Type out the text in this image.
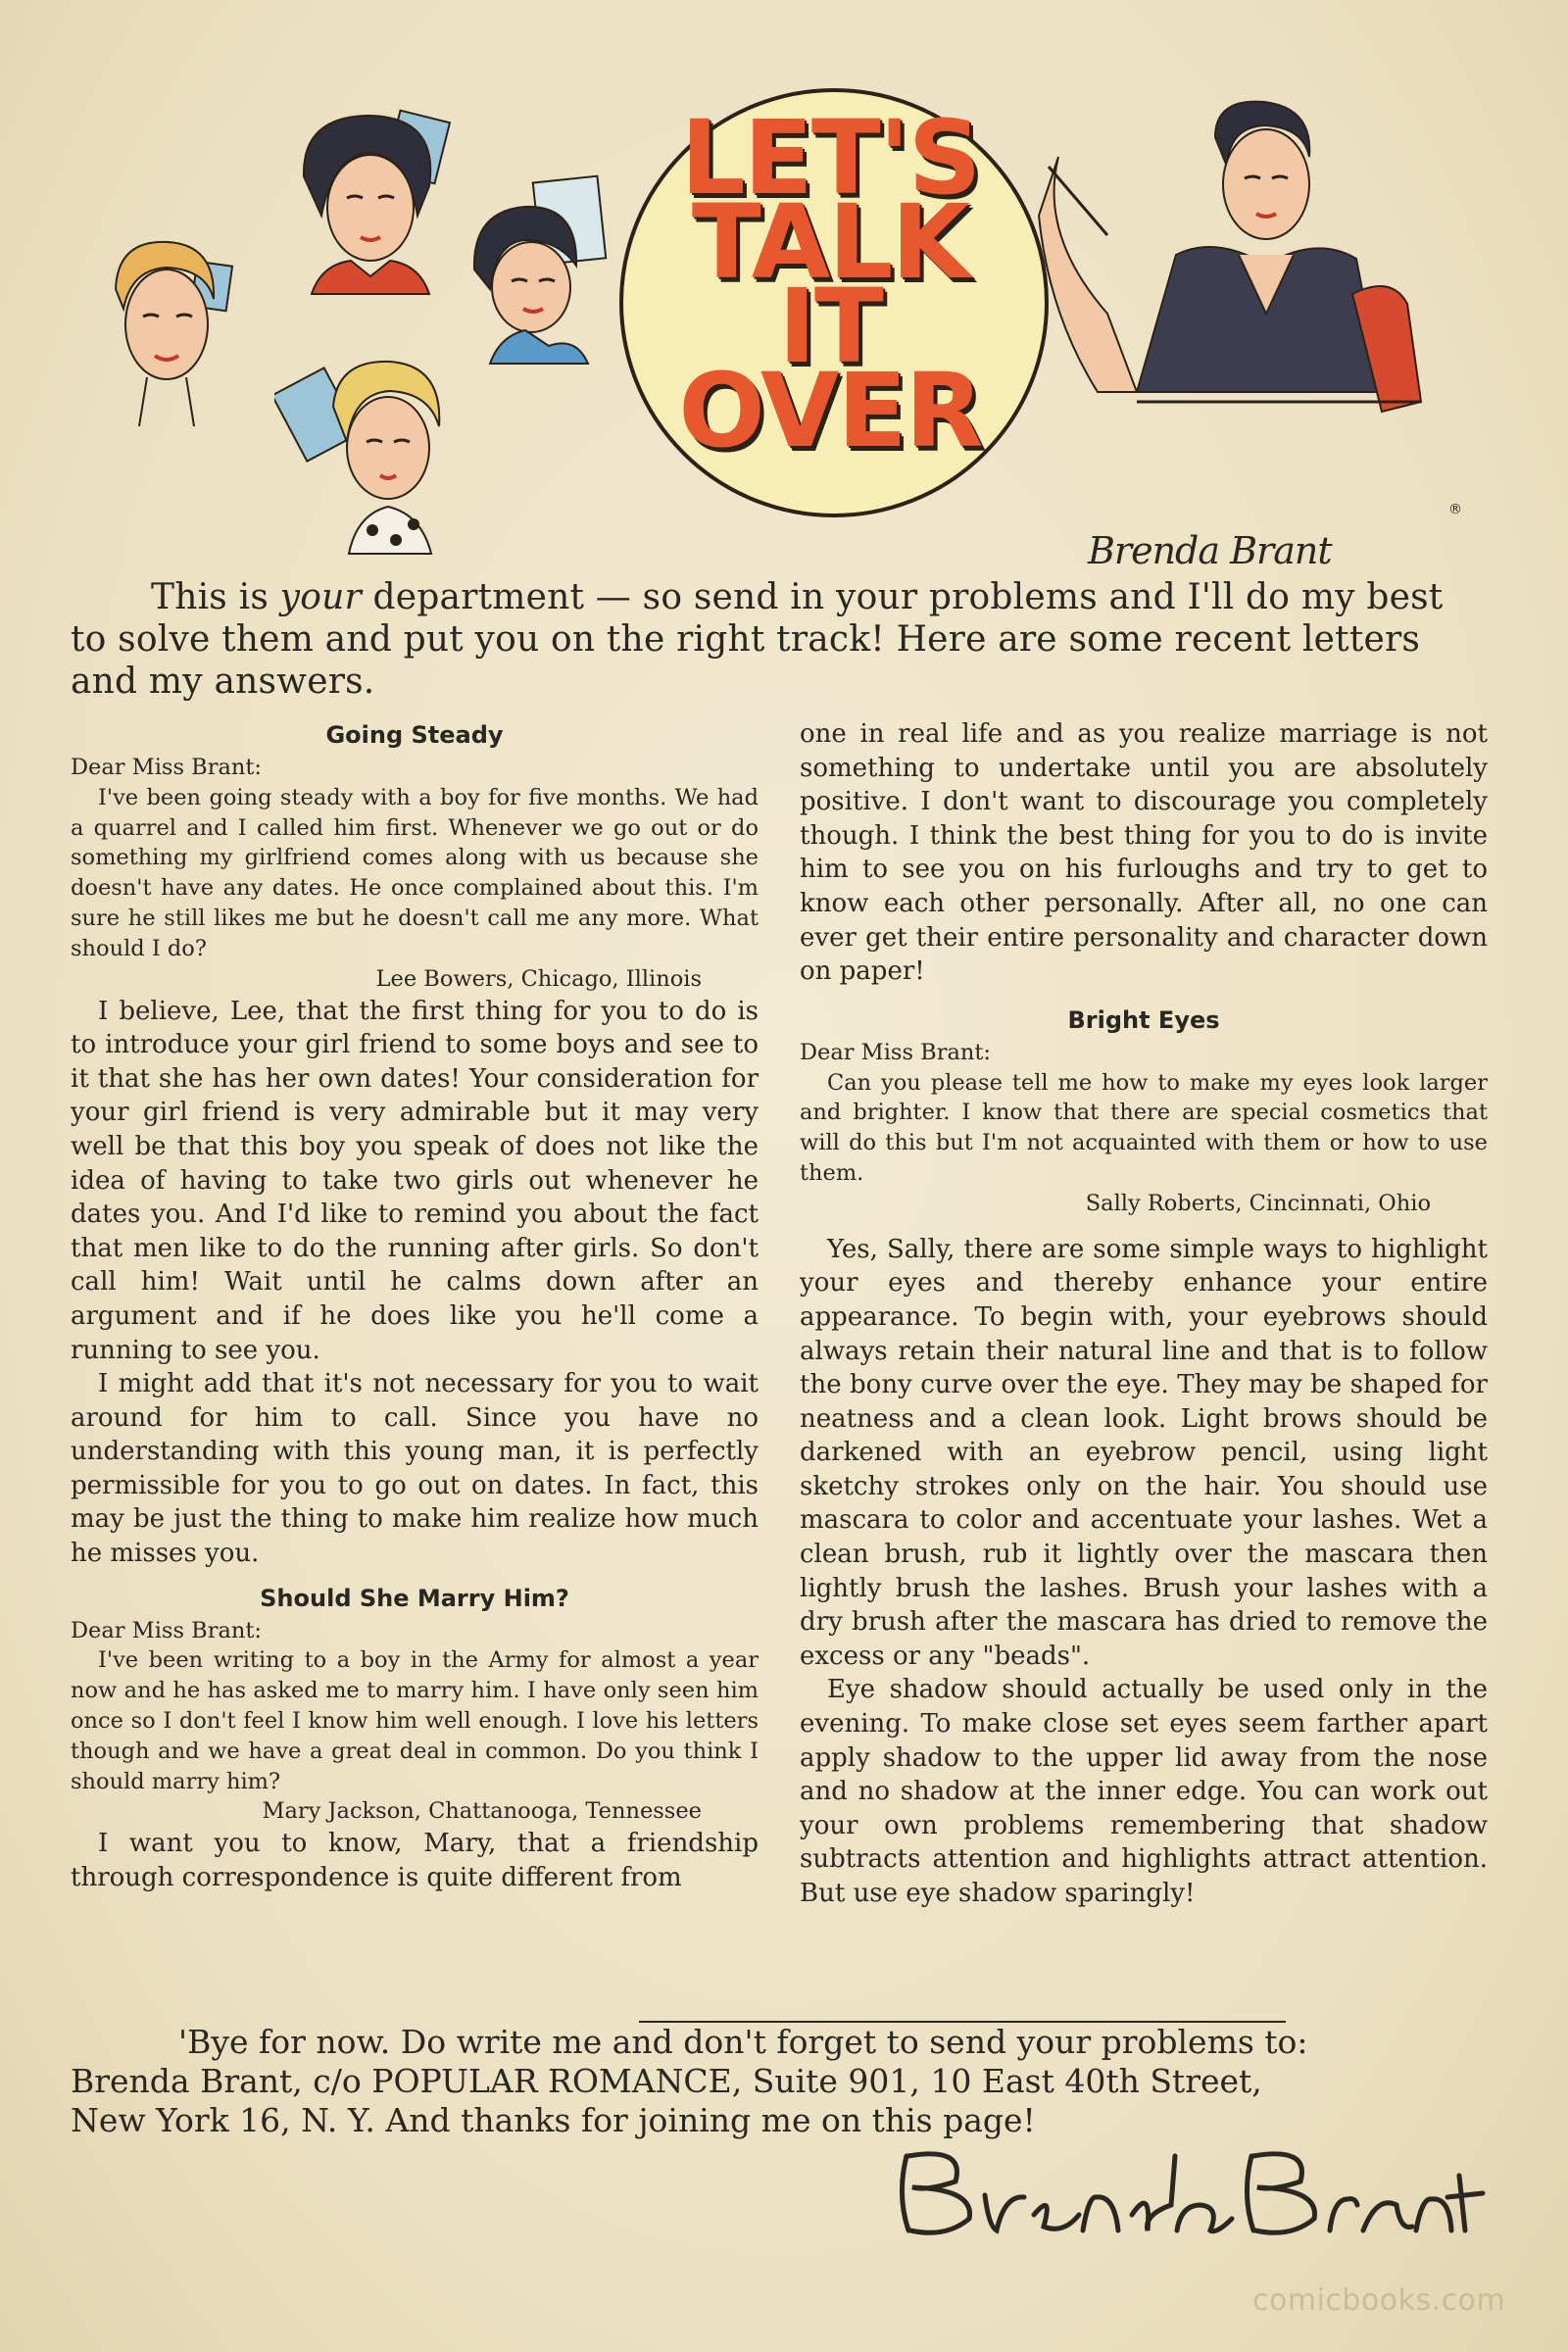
LET'S
TALK
IT
OVER
Brenda Brant
®
This is your department — so send in your problems and I'll do my best
to solve them and put you on the right track! Here are some recent letters
and my answers.
Going Steady

Dear Miss Brant:

I've been going steady with a boy for five months. We had a quarrel and I called him first. Whenever we go out or do something my girlfriend comes along with us because she doesn't have any dates. He once complained about this. I'm sure he still likes me but he doesn't call me any more. What should I do?

Lee Bowers, Chicago, Illinois

I believe, Lee, that the first thing for you to do is to introduce your girl friend to some boys and see to it that she has her own dates! Your consideration for your girl friend is very admirable but it may very well be that this boy you speak of does not like the idea of having to take two girls out whenever he dates you. And I'd like to remind you about the fact that men like to do the running after girls. So don't call him! Wait until he calms down after an argument and if he does like you he'll come a running to see you.

I might add that it's not necessary for you to wait around for him to call. Since you have no understanding with this young man, it is perfectly permissible for you to go out on dates. In fact, this may be just the thing to make him realize how much he misses you.

Should She Marry Him?

Dear Miss Brant:

I've been writing to a boy in the Army for almost a year now and he has asked me to marry him. I have only seen him once so I don't feel I know him well enough. I love his letters though and we have a great deal in common. Do you think I should marry him?

Mary Jackson, Chattanooga, Tennessee

I want you to know, Mary, that a friendship through correspondence is quite different from

one in real life and as you realize marriage is not something to undertake until you are absolutely positive. I don't want to discourage you completely though. I think the best thing for you to do is invite him to see you on his furloughs and try to get to know each other personally. After all, no one can ever get their entire personality and character down on paper!

Bright Eyes

Dear Miss Brant:

Can you please tell me how to make my eyes look larger and brighter. I know that there are special cosmetics that will do this but I'm not acquainted with them or how to use them.

Sally Roberts, Cincinnati, Ohio

Yes, Sally, there are some simple ways to highlight your eyes and thereby enhance your entire appearance. To begin with, your eyebrows should always retain their natural line and that is to follow the bony curve over the eye. They may be shaped for neatness and a clean look. Light brows should be darkened with an eyebrow pencil, using light sketchy strokes only on the hair. You should use mascara to color and accentuate your lashes. Wet a clean brush, rub it lightly over the mascara then lightly brush the lashes. Brush your lashes with a dry brush after the mascara has dried to remove the excess or any "beads".

Eye shadow should actually be used only in the evening. To make close set eyes seem farther apart apply shadow to the upper lid away from the nose and no shadow at the inner edge. You can work out your own problems remembering that shadow subtracts attention and highlights attract attention. But use eye shadow sparingly!

'Bye for now. Do write me and don't forget to send your problems to:
Brenda Brant, c/o POPULAR ROMANCE, Suite 901, 10 East 40th Street,
New York 16, N. Y. And thanks for joining me on this page!
comicbooks.com
